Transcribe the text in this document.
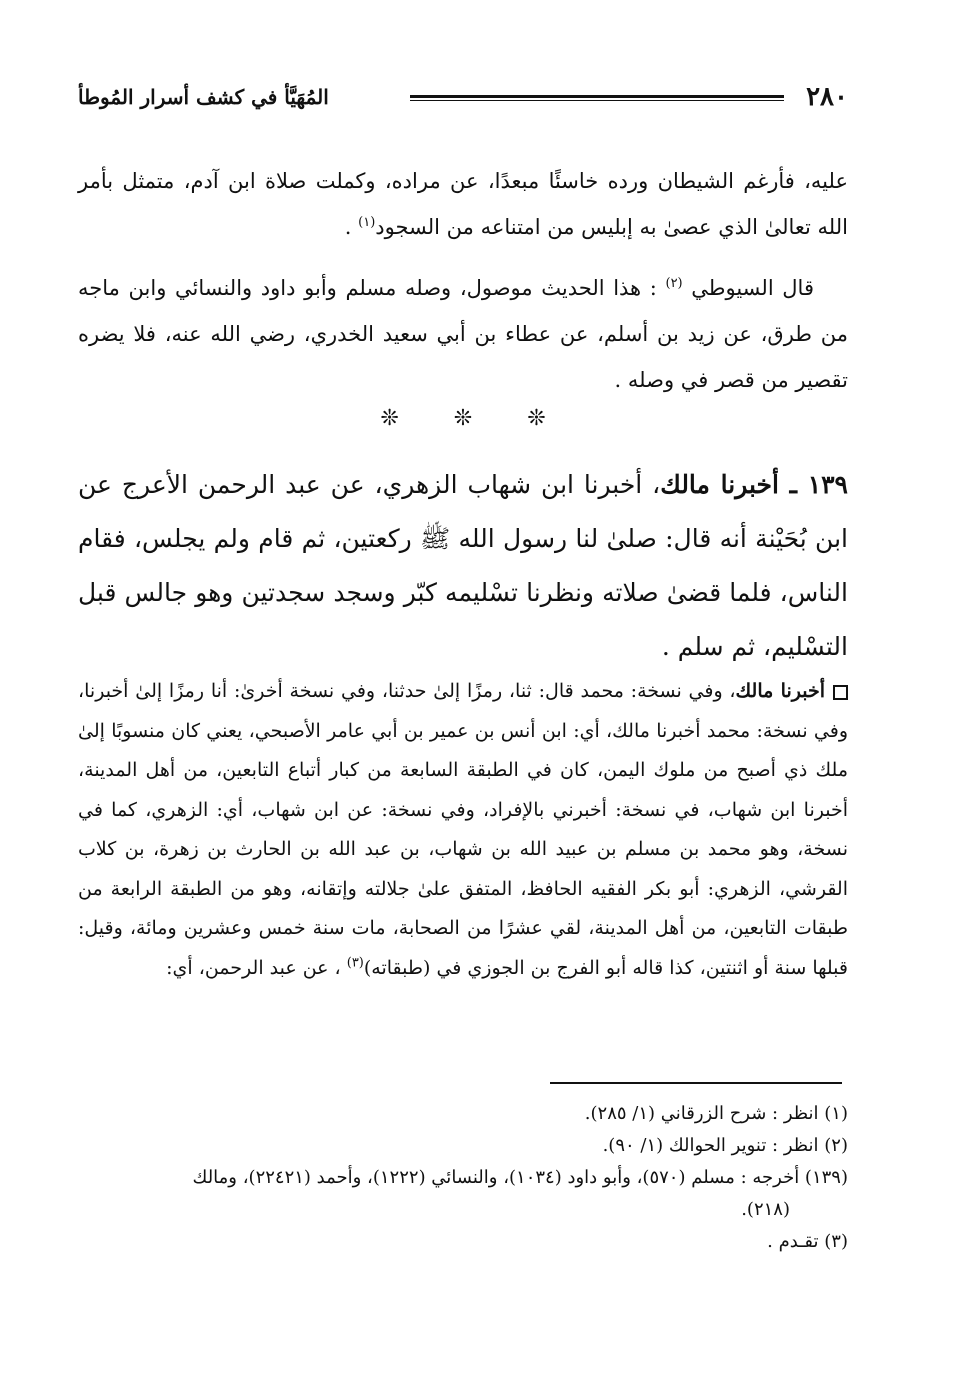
٢٨٠
المُهَيَّأ في كشف أسرار المُوطأ
عليه، فأرغم الشيطان ورده خاسئًا مبعدًا، عن مراده، وكملت صلاة ابن آدم، متمثل بأمر الله تعالىٰ الذي عصىٰ به إبليس من امتناعه من السجود$^{(١)}$ .
قال السيوطي $^{(٢)}$ : هذا الحديث موصول، وصله مسلم وأبو داود والنسائي وابن ماجه من طرق، عن زيد بن أسلم، عن عطاء بن أبي سعيد الخدري، رضي الله عنه، فلا يضره تقصير من قصر في وصله .
❊ ❊ ❊
١٣٩ ـ أخبرنا مالك، أخبرنا ابن شهاب الزهري، عن عبد الرحمن الأعرج عن ابن بُحَيْنة أنه قال: صلىٰ لنا رسول الله ﷺ ركعتين، ثم قام ولم يجلس، فقام الناس، فلما قضىٰ صلاته ونظرنا تسْليمه كبّر وسجد سجدتين وهو جالس قبل التسْليم، ثم سلم .
أخبرنا مالك، وفي نسخة: محمد قال: ثنا، رمزًا إلىٰ حدثنا، وفي نسخة أخرىٰ: أنا رمزًا إلىٰ أخبرنا، وفي نسخة: محمد أخبرنا مالك، أي: ابن أنس بن عمير بن أبي عامر الأصبحي، يعني كان منسوبًا إلىٰ ملك ذي أصبح من ملوك اليمن، كان في الطبقة السابعة من كبار أتباع التابعين، من أهل المدينة، أخبرنا ابن شهاب، في نسخة: أخبرني بالإفراد، وفي نسخة: عن ابن شهاب، أي: الزهري، كما في نسخة، وهو محمد بن مسلم بن عبيد الله بن شهاب، بن عبد الله بن الحارث بن زهرة، بن كلاب القرشي، الزهري: أبو بكر الفقيه الحافظ، المتفق علىٰ جلالته وإتقانه، وهو من الطبقة الرابعة من طبقات التابعين، من أهل المدينة، لقي عشرًا من الصحابة، مات سنة خمس وعشرين ومائة، وقيل: قبلها سنة أو اثنتين، كذا قاله أبو الفرج بن الجوزي في (طبقاته)$^{(٣)}$ ، عن عبد الرحمن، أي:

(١) انظر : شرح الزرقاني (١/ ٢٨٥).

(٢) انظر : تنوير الحوالك (١/ ٩٠).

(١٣٩) أخرجه : مسلم (٥٧٠)، وأبو داود (١٠٣٤)، والنسائي (١٢٢٢)، وأحمد (٢٢٤٢١)، ومالك

(٢١٨).

(٣) تقـدم .
